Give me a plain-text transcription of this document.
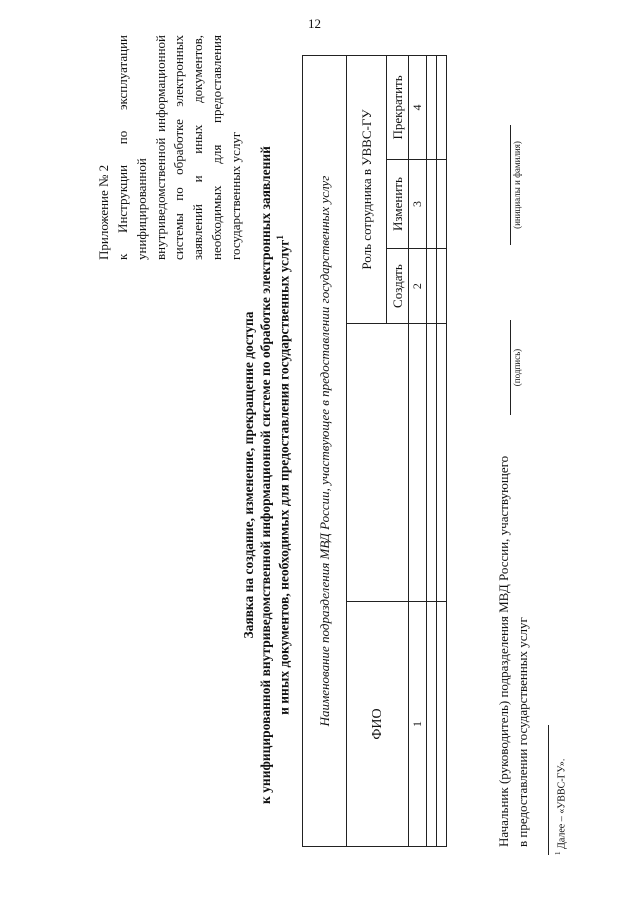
12
Приложение № 2 к Инструкции по эксплуатации унифицированной внутриведомственной информационной системы по обработке электронных заявлений и иных документов, необходимых для предоставления государственных услуг
Заявка на создание, изменение, прекращение доступа к унифицированной внутриведомственной информационной системе по обработке электронных заявлений и иных документов, необходимых для предоставления государственных услуг$^1$	Наименование подразделения МВД России, участвующее в предоставлении государственных услуг				
ФИО		Роль сотрудника в УВВС-ГУ		
		Создать	Изменить	Прекратить
1		2	3	4

Начальник (руководитель) подразделения МВД России, участвующего в предоставлении государственных услуг
(подпись)
(инициалы и фамилия)
$^1$ Далее – «УВВС-ГУ».
